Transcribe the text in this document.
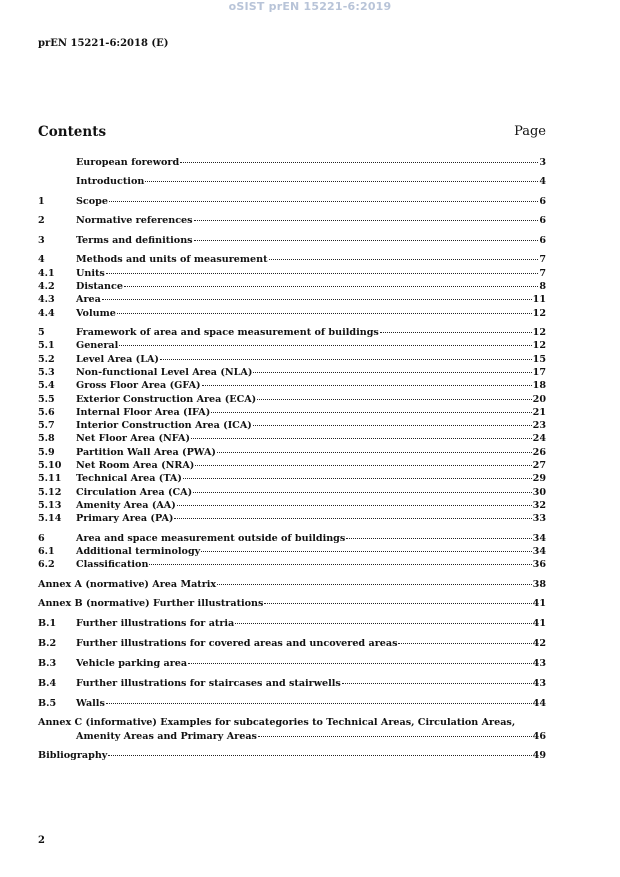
oSIST prEN 15221-6:2019
prEN 15221-6:2018 (E)
Contents	Page
European foreword	3
Introduction	4
1	Scope	6
2	Normative references	6
3	Terms and definitions	6
4	Methods and units of measurement	7
4.1	Units	7
4.2	Distance	8
4.3	Area	11
4.4	Volume	12
5	Framework of area and space measurement of buildings	12
5.1	General	12
5.2	Level Area (LA)	15
5.3	Non-functional Level Area (NLA)	17
5.4	Gross Floor Area (GFA)	18
5.5	Exterior Construction Area (ECA)	20
5.6	Internal Floor Area (IFA)	21
5.7	Interior Construction Area (ICA)	23
5.8	Net Floor Area (NFA)	24
5.9	Partition Wall Area (PWA)	26
5.10	Net Room Area (NRA)	27
5.11	Technical Area (TA)	29
5.12	Circulation Area (CA)	30
5.13	Amenity Area (AA)	32
5.14	Primary Area (PA)	33
6	Area and space measurement outside of buildings	34
6.1	Additional terminology	34
6.2	Classification	36
Annex A (normative) Area Matrix	38
Annex B (normative) Further illustrations	41
B.1	Further illustrations for atria	41
B.2	Further illustrations for covered areas and uncovered areas	42
B.3	Vehicle parking area	43
B.4	Further illustrations for staircases and stairwells	43
B.5	Walls	44
Annex C (informative) Examples for subcategories to Technical Areas, Circulation Areas,
Amenity Areas and Primary Areas	46
Bibliography	49
2
